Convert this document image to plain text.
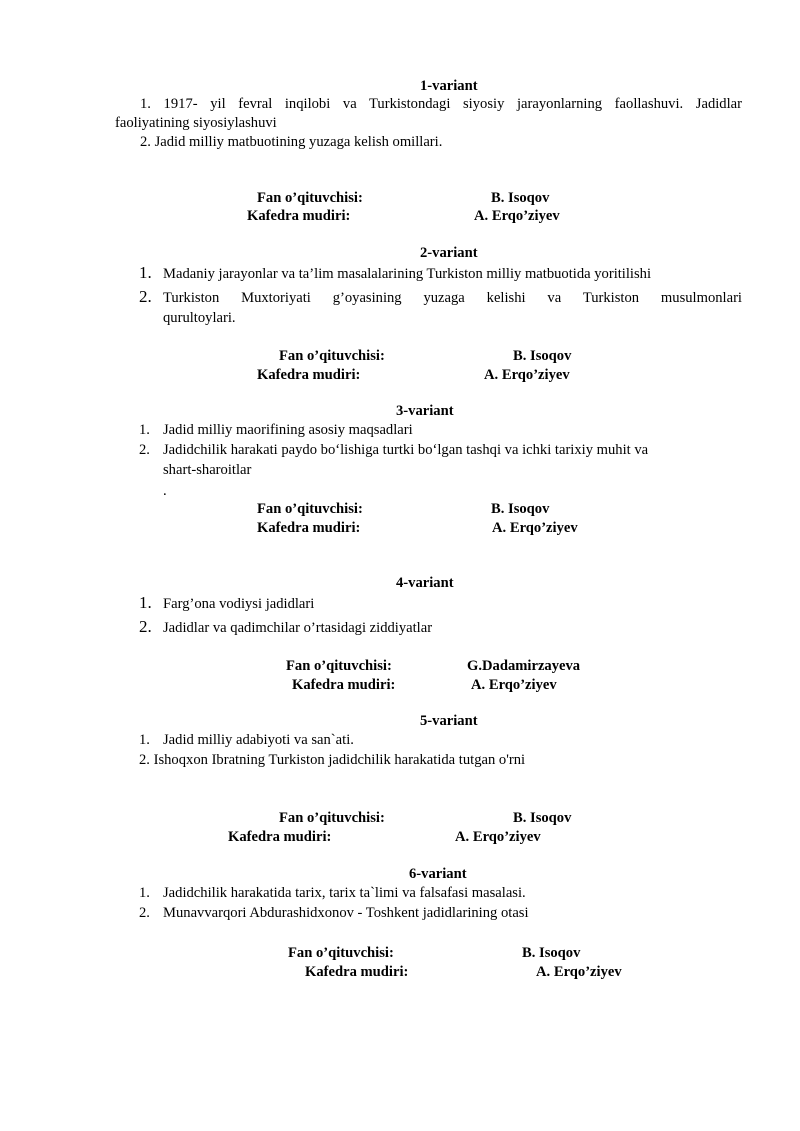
1-variant
1. 1917- yil fevral inqilobi va Turkistondagi siyosiy jarayonlarning faollashuvi. Jadidlar
faoliyatining siyosiylashuvi
2. Jadid milliy matbuotining yuzaga kelish omillari.
Fan o’qituvchisi:	B. Isoqov
Kafedra mudiri:	A. Erqo’ziyev
2-variant
1. Madaniy jarayonlar va ta’lim masalalarining Turkiston milliy matbuotida yoritilishi
2. Turkiston Muxtoriyati g’oyasining yuzaga kelishi va Turkiston musulmonlari
qurultoylari.
Fan o’qituvchisi:	B. Isoqov
Kafedra mudiri:	A. Erqo’ziyev
3-variant
1. Jadid milliy maorifining asosiy maqsadlari
2. Jadidchilik harakati paydo bo‘lishiga turtki bo‘lgan tashqi va ichki tarixiy muhit va
shart-sharoitlar
.
Fan o’qituvchisi:	B. Isoqov
Kafedra mudiri:	A. Erqo’ziyev
4-variant
1. Farg’ona vodiysi jadidlari
2. Jadidlar va qadimchilar o’rtasidagi ziddiyatlar
Fan o’qituvchisi:	G.Dadamirzayeva
Kafedra mudiri:	A. Erqo’ziyev
5-variant
1. Jadid milliy adabiyoti va san`ati.
2. Ishoqxon Ibratning Turkiston jadidchilik harakatida tutgan o'rni
Fan o’qituvchisi:	B. Isoqov
Kafedra mudiri:	A. Erqo’ziyev
6-variant
1. Jadidchilik harakatida tarix, tarix ta`limi va falsafasi masalasi.
2. Munavvarqori Abdurashidxonov - Toshkent jadidlarining otasi
Fan o’qituvchisi:	B. Isoqov
Kafedra mudiri:	A. Erqo’ziyev
